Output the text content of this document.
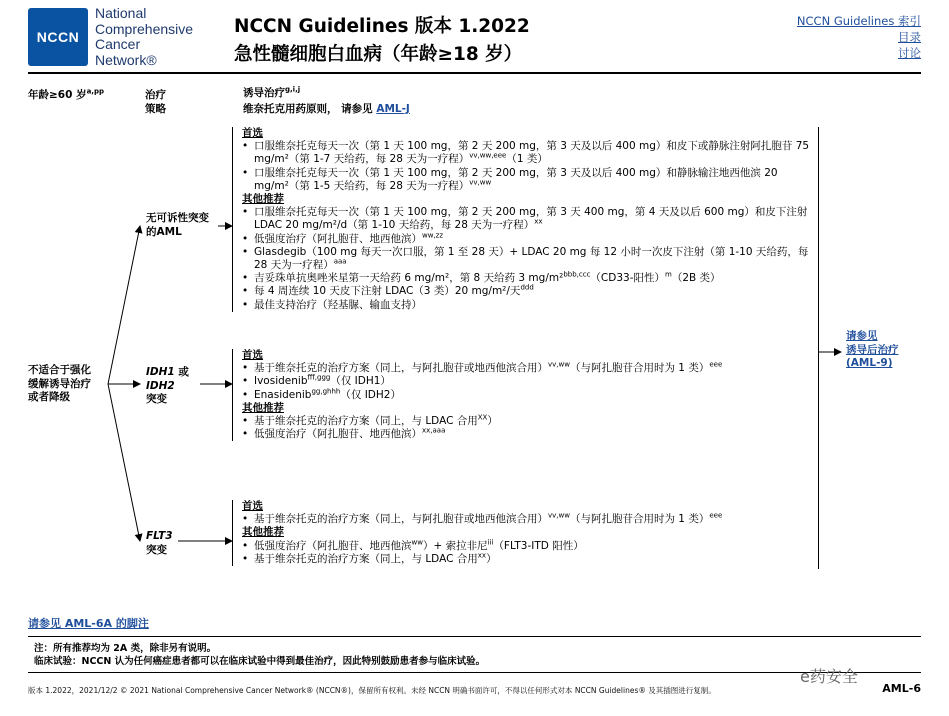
NCCN
National
Comprehensive
Cancer
Network®
NCCN Guidelines 版本 1.2022
急性髓细胞白血病（年龄≥18 岁）
NCCN Guidelines 索引
目录
讨论
年龄≥60 岁$^{a,pp}$	治疗
策略
诱导治疗$^{g,i,j}$
维奈托克用药原则， 请参见 AML-J
不适合于强化
缓解诱导治疗
或者降级
无可诉性突变
的AML
IDH1 或
IDH2
突变
FLT3
突变
首选
• 口服维奈托克每天一次（第 1 天 100 mg，第 2 天 200 mg，第 3 天及以后 400 mg）和皮下或静脉注射阿扎胞苷 75 mg/m²（第 1-7 天给药，每 28 天为一疗程）$^{vv,ww,eee}$（1 类）
• 口服维奈托克每天一次（第 1 天 100 mg，第 2 天 200 mg，第 3 天及以后 400 mg）和静脉输注地西他滨 20 mg/m²（第 1-5 天给药，每 28 天为一疗程）$^{vv,ww}$
其他推荐
• 口服维奈托克每天一次（第 1 天 100 mg，第 2 天 200 mg，第 3 天 400 mg，第 4 天及以后 600 mg）和皮下注射 LDAC 20 mg/m²/d（第 1-10 天给药，每 28 天为一疗程）$^{xx}$
• 低强度治疗（阿扎胞苷、地西他滨）$^{ww,zz}$
• Glasdegib（100 mg 每天一次口服，第 1 至 28 天）+ LDAC 20 mg 每 12 小时一次皮下注射（第 1-10 天给药，每 28 天为一疗程）$^{aaa}$
• 吉妥珠单抗奥唑米星第一天给药 6 mg/m²，第 8 天给药 3 mg/m²$^{bbb,ccc}$（CD33-阳性）$^m$（2B 类）
• 每 4 周连续 10 天皮下注射 LDAC（3 类）20 mg/m²/天$^{ddd}$
• 最佳支持治疗（羟基脲、输血支持）
首选
• 基于维奈托克的治疗方案（同上，与阿扎胞苷或地西他滨合用）$^{vv,ww}$（与阿扎胞苷合用时为 1 类）$^{eee}$
• Ivosidenib$^{fff,ggg}$（仅 IDH1）
• Enasidenib$^{gg,ghhh}$（仅 IDH2）
其他推荐
• 基于维奈托克的治疗方案（同上，与 LDAC 合用$^{XX}$）
• 低强度治疗（阿扎胞苷、地西他滨）$^{xx,aaa}$
首选
• 基于维奈托克的治疗方案（同上，与阿扎胞苷或地西他滨合用）$^{vv,ww}$（与阿扎胞苷合用时为 1 类）$^{eee}$
其他推荐
• 低强度治疗（阿扎胞苷、地西他滨$^{ww}$）+ 索拉非尼$^{iii}$（FLT3-ITD 阳性）
• 基于维奈托克的治疗方案（同上，与 LDAC 合用$^{xx}$）
请参见
诱导后治疗
(AML-9)
请参见 AML-6A 的脚注
注：所有推荐均为 2A 类，除非另有说明。
临床试验：NCCN 认为任何癌症患者都可以在临床试验中得到最佳治疗，因此特别鼓励患者参与临床试验。
版本 1.2022，2021/12/2 © 2021 National Comprehensive Cancer Network® (NCCN®)，保留所有权利。未经 NCCN 明确书面许可，不得以任何形式对本 NCCN Guidelines® 及其插图进行复制。
e药安全
AML-6
